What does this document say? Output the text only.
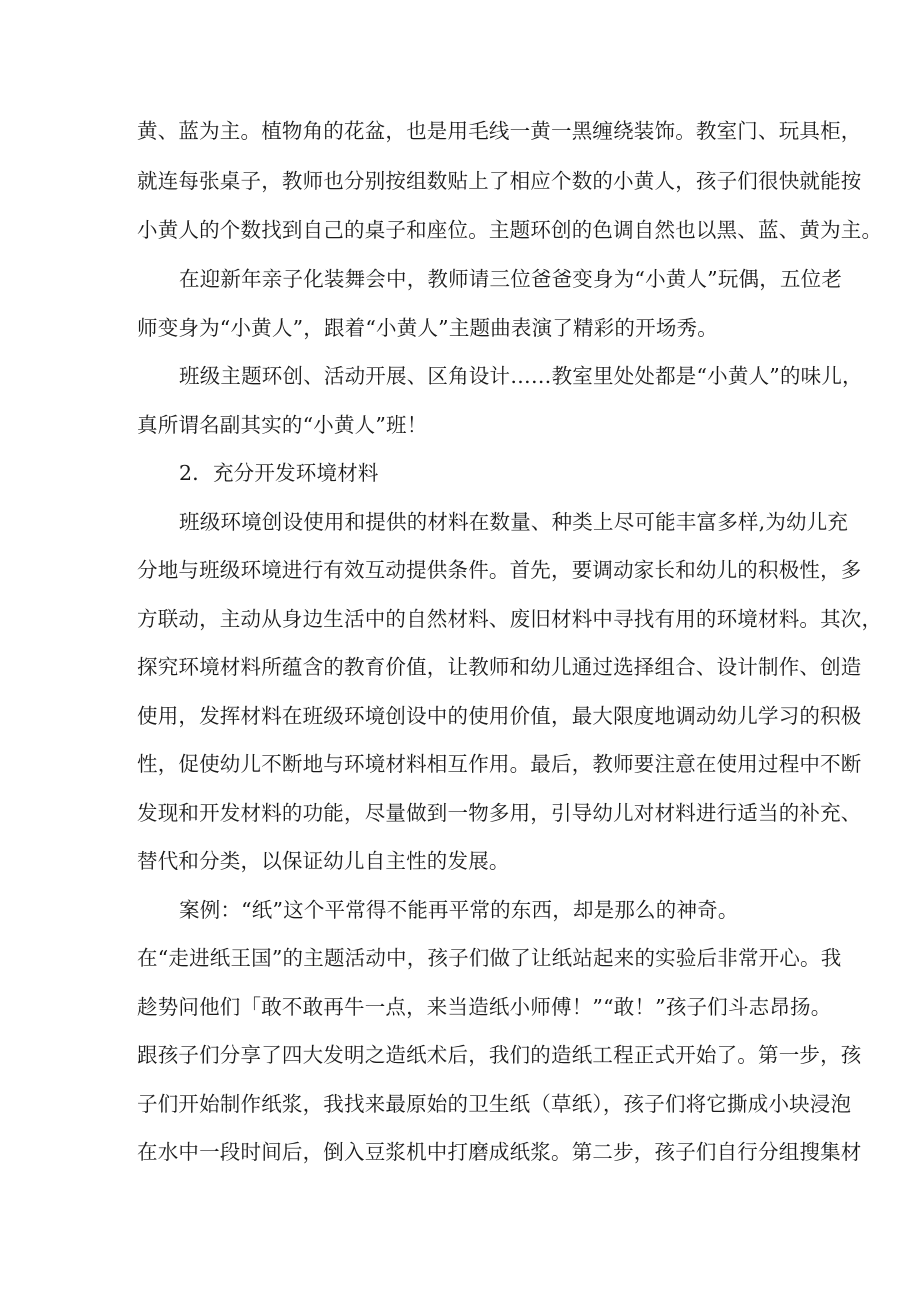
黄、蓝为主。植物角的花盆，也是用毛线一黄一黑缠绕装饰。教室门、玩具柜，
就连每张桌子，教师也分别按组数贴上了相应个数的小黄人，孩子们很快就能按
小黄人的个数找到自己的桌子和座位。主题环创的色调自然也以黑、蓝、黄为主。
在迎新年亲子化装舞会中，教师请三位爸爸变身为“小黄人”玩偶，五位老
师变身为“小黄人”，跟着“小黄人”主题曲表演了精彩的开场秀。
班级主题环创、活动开展、区角设计……教室里处处都是“小黄人”的味儿，
真所谓名副其实的“小黄人”班！
2．充分开发环境材料
班级环境创设使用和提供的材料在数量、种类上尽可能丰富多样,为幼儿充
分地与班级环境进行有效互动提供条件。首先，要调动家长和幼儿的积极性，多
方联动，主动从身边生活中的自然材料、废旧材料中寻找有用的环境材料。其次，
探究环境材料所蕴含的教育价值，让教师和幼儿通过选择组合、设计制作、创造
使用，发挥材料在班级环境创设中的使用价值，最大限度地调动幼儿学习的积极
性，促使幼儿不断地与环境材料相互作用。最后，教师要注意在使用过程中不断
发现和开发材料的功能，尽量做到一物多用，引导幼儿对材料进行适当的补充、
替代和分类，以保证幼儿自主性的发展。
案例：“纸”这个平常得不能再平常的东西，却是那么的神奇。
在“走进纸王国”的主题活动中，孩子们做了让纸站起来的实验后非常开心。我
趁势问他们「敢不敢再牛一点，来当造纸小师傅！”“敢！”孩子们斗志昂扬。
跟孩子们分享了四大发明之造纸术后，我们的造纸工程正式开始了。第一步，孩
子们开始制作纸浆，我找来最原始的卫生纸（草纸），孩子们将它撕成小块浸泡
在水中一段时间后，倒入豆浆机中打磨成纸浆。第二步，孩子们自行分组搜集材
